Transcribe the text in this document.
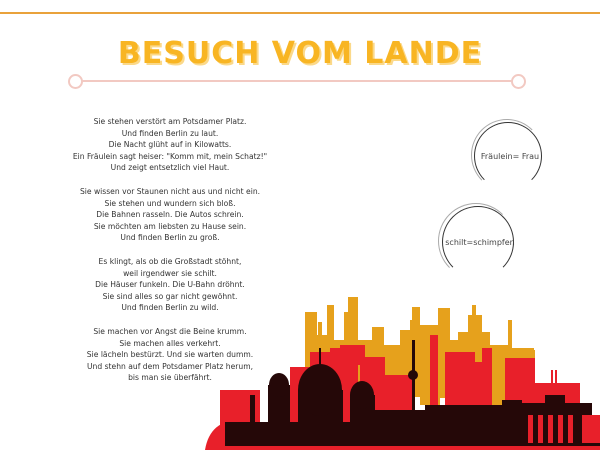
BESUCH VOM LANDE
Sie stehen verstört am Potsdamer Platz.
Und finden Berlin zu laut.
Die Nacht glüht auf in Kilowatts.
Ein Fräulein sagt heiser: "Komm mit, mein Schatz!"
Und zeigt entsetzlich viel Haut.
Sie wissen vor Staunen nicht aus und nicht ein.
Sie stehen und wundern sich bloß.
Die Bahnen rasseln. Die Autos schrein.
Sie möchten am liebsten zu Hause sein.
Und finden Berlin zu groß.
Es klingt, als ob die Großstadt stöhnt,
weil irgendwer sie schilt.
Die Häuser funkeln. Die U-Bahn dröhnt.
Sie sind alles so gar nicht gewöhnt.
Und finden Berlin zu wild.
Sie machen vor Angst die Beine krumm.
Sie machen alles verkehrt.
Sie lächeln bestürzt. Und sie warten dumm.
Und stehn auf dem Potsdamer Platz herum,
bis man sie überfährt.
Fräulein= Frau
schilt=schimpfen
